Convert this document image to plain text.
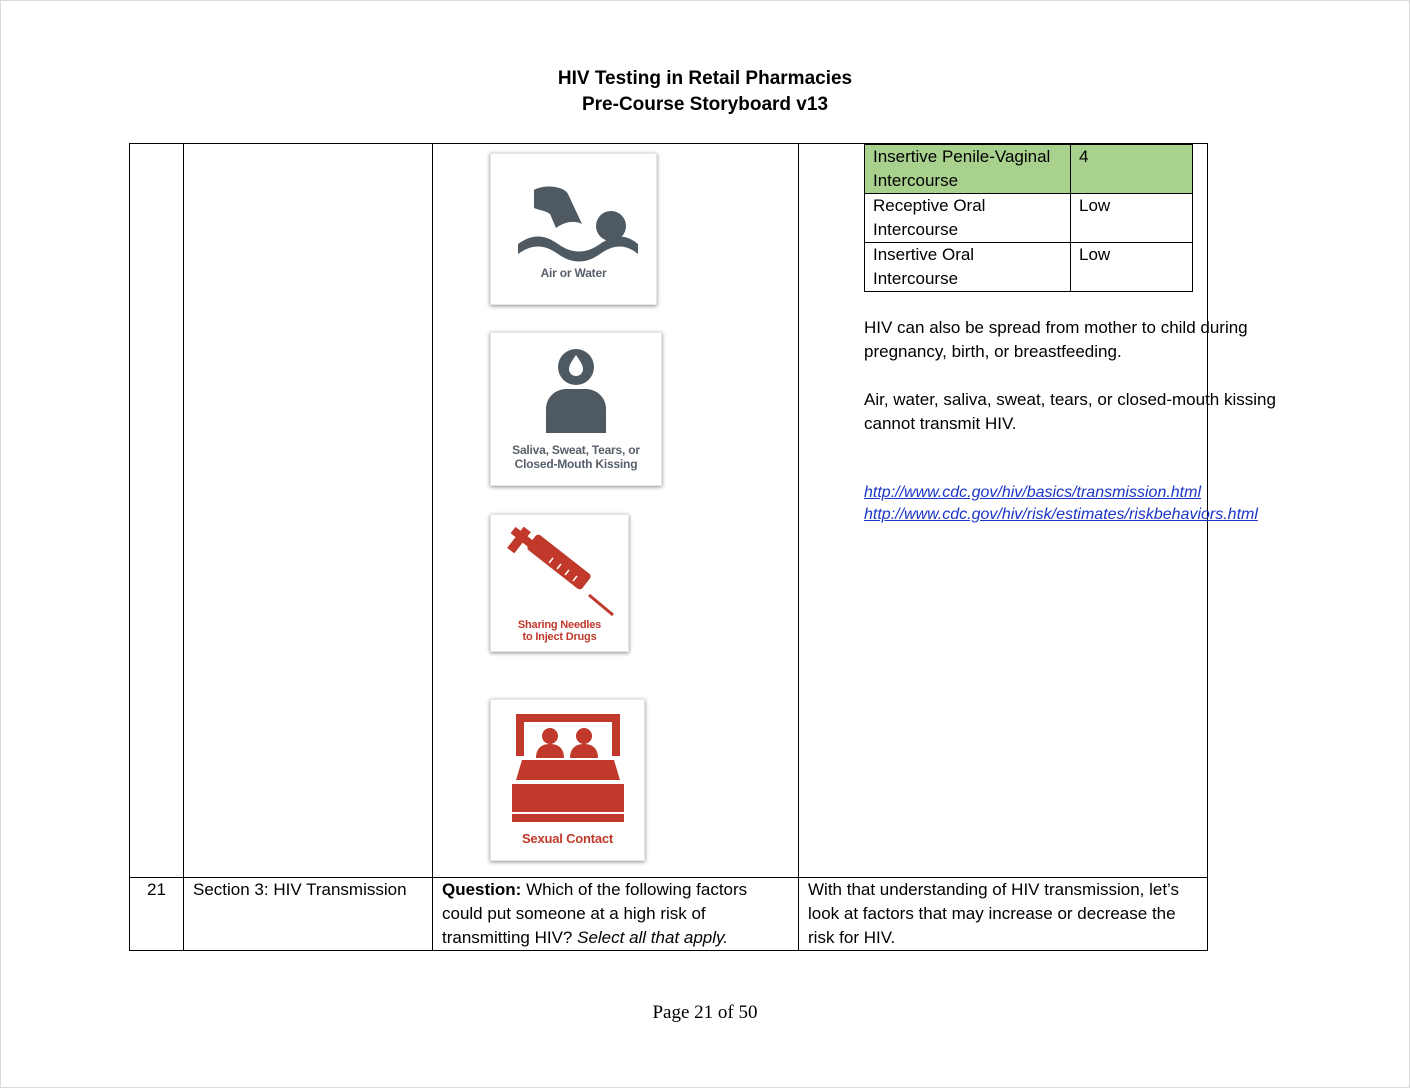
HIV Testing in Retail Pharmacies
Pre-Course Storyboard v13

21	Section 3: HIV Transmission	Question: Which of the following factors could put someone at a high risk of transmitting HIV? Select all that apply.	With that understanding of HIV transmission, let’s look at factors that may increase or decrease the risk for HIV.
Air or Water
Saliva, Sweat, Tears, or
Closed-Mouth Kissing
Sharing Needles
to Inject Drugs
Sexual Contact
Insertive Penile-Vaginal Intercourse	4
Receptive Oral Intercourse	Low
Insertive Oral Intercourse	Low
HIV can also be spread from mother to child during pregnancy, birth, or breastfeeding.
Air, water, saliva, sweat, tears, or closed-mouth kissing cannot transmit HIV.
http://www.cdc.gov/hiv/basics/transmission.html
http://www.cdc.gov/hiv/risk/estimates/riskbehaviors.html
Page 21 of 50
